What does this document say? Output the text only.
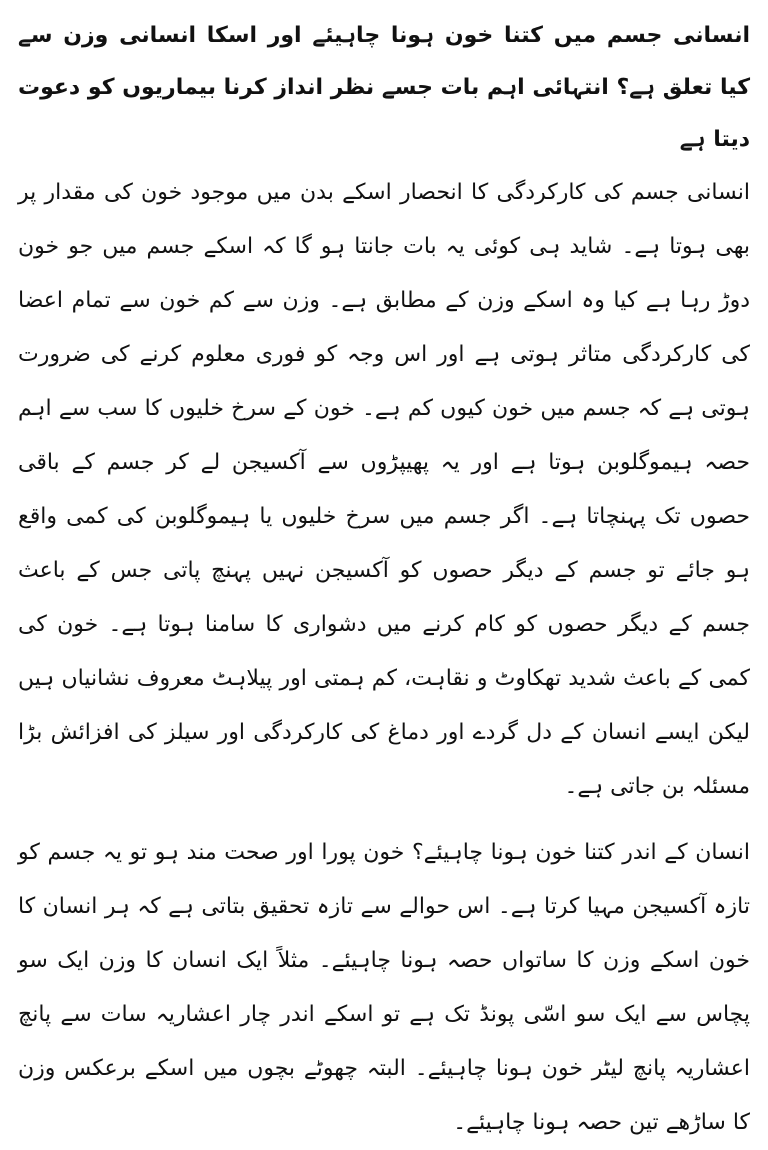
انسانی جسم میں کتنا خون ہونا چاہیئے اور اسکا انسانی وزن سے کیا تعلق ہے؟ انتہائی اہم بات جسے نظر انداز کرنا بیماریوں کو دعوت دیتا ہے

انسانی جسم کی کارکردگی کا انحصار اسکے بدن میں موجود خون کی مقدار پر بھی ہوتا ہے۔ شاید ہی کوئی یہ بات جانتا ہو گا کہ اسکے جسم میں جو خون دوڑ رہا ہے کیا وہ اسکے وزن کے مطابق ہے۔ وزن سے کم خون سے تمام اعضا کی کارکردگی متاثر ہوتی ہے اور اس وجہ کو فوری معلوم کرنے کی ضرورت ہوتی ہے کہ جسم میں خون کیوں کم ہے۔ خون کے سرخ خلیوں کا سب سے اہم حصہ ہیموگلوبن ہوتا ہے اور یہ پھیپڑوں سے آکسیجن لے کر جسم کے باقی حصوں تک پہنچاتا ہے۔ اگر جسم میں سرخ خلیوں یا ہیموگلوبن کی کمی واقع ہو جائے تو جسم کے دیگر حصوں کو آکسیجن نہیں پہنچ پاتی جس کے باعث جسم کے دیگر حصوں کو کام کرنے میں دشواری کا سامنا ہوتا ہے۔ خون کی کمی کے باعث شدید تھکاوٹ و نقاہت، کم ہمتی اور پیلاہٹ معروف نشانیاں ہیں لیکن ایسے انسان کے دل گردے اور دماغ کی کارکردگی اور سیلز کی افزائش بڑا مسئلہ بن جاتی ہے۔

انسان کے اندر کتنا خون ہونا چاہیئے؟ خون پورا اور صحت مند ہو تو یہ جسم کو تازہ آکسیجن مہیا کرتا ہے۔ اس حوالے سے تازہ تحقیق بتاتی ہے کہ ہر انسان کا خون اسکے وزن کا ساتواں حصہ ہونا چاہیئے۔ مثلاً ایک انسان کا وزن ایک سو پچاس سے ایک سو اسّی پونڈ تک ہے تو اسکے اندر چار اعشاریہ سات سے پانچ اعشاریہ پانچ لیٹر خون ہونا چاہیئے۔ البتہ چھوٹے بچوں میں اسکے برعکس وزن کا ساڑھے تین حصہ ہونا چاہیئے۔
